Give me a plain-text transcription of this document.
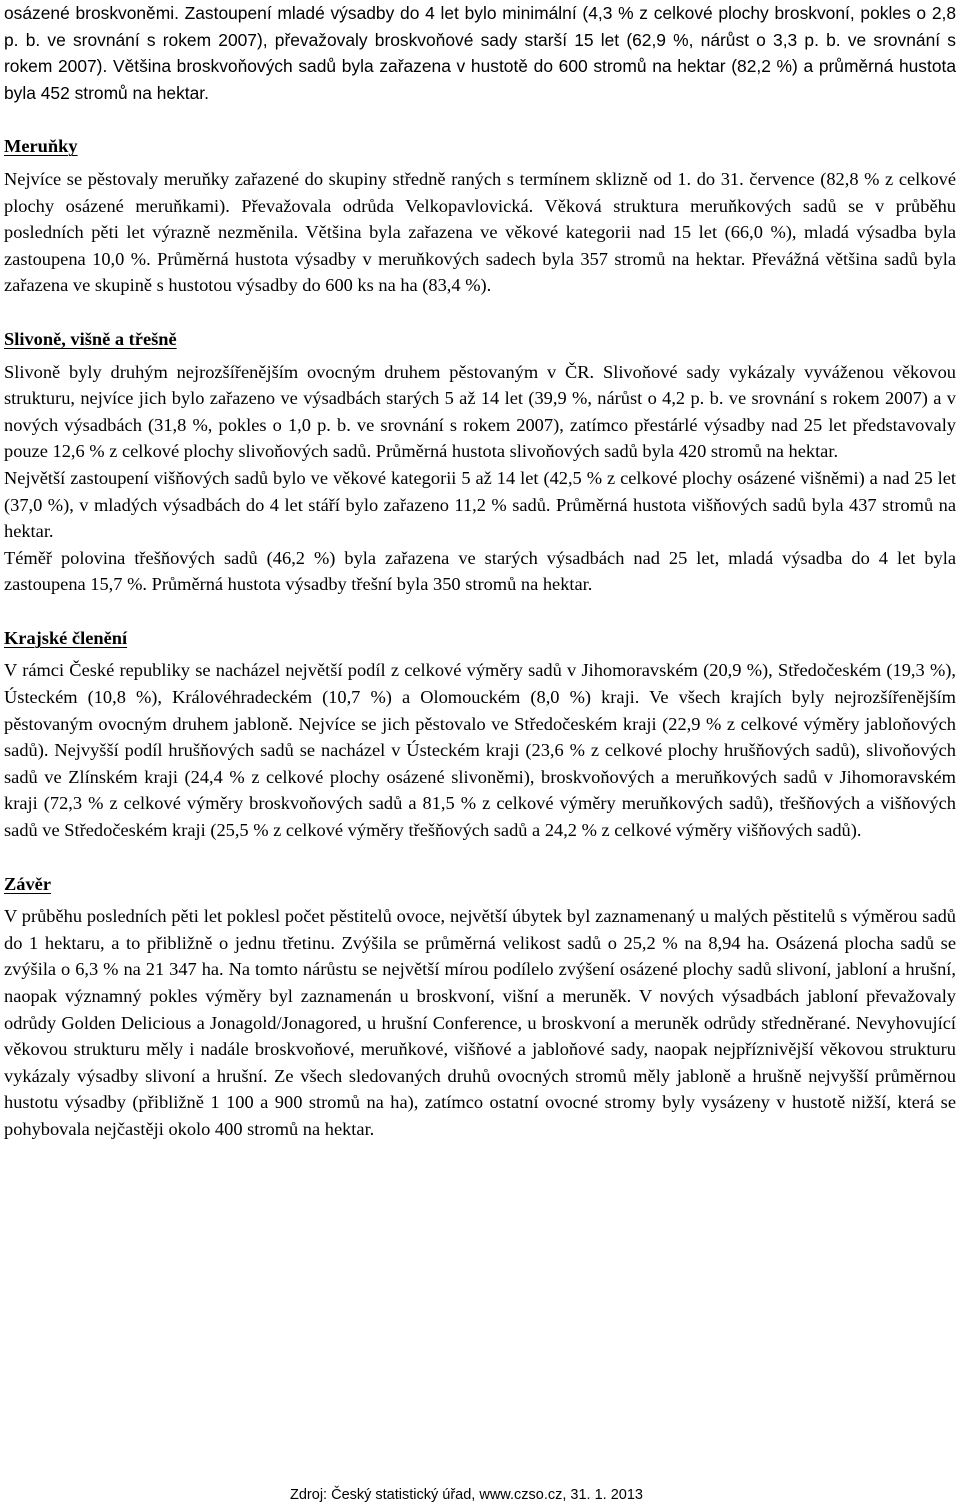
osázené broskvoněmi. Zastoupení mladé výsadby do 4 let bylo minimální (4,3 % z celkové plochy broskvoní, pokles o 2,8 p. b. ve srovnání s rokem 2007), převažovaly broskvoňové sady starší 15 let (62,9 %, nárůst o 3,3 p. b. ve srovnání s rokem 2007). Většina broskvoňových sadů byla zařazena v hustotě do 600 stromů na hektar (82,2 %) a průměrná hustota byla 452 stromů na hektar.

Meruňky

Nejvíce se pěstovaly meruňky zařazené do skupiny středně raných s termínem sklizně od 1. do 31. července (82,8 % z celkové plochy osázené meruňkami). Převažovala odrůda Velkopavlovická. Věková struktura meruňkových sadů se v průběhu posledních pěti let výrazně nezměnila. Většina byla zařazena ve věkové kategorii nad 15 let (66,0 %), mladá výsadba byla zastoupena 10,0 %. Průměrná hustota výsadby v meruňkových sadech byla 357 stromů na hektar. Převážná většina sadů byla zařazena ve skupině s hustotou výsadby do 600 ks na ha (83,4 %).

Slivoně, višně a třešně

Slivoně byly druhým nejrozšířenějším ovocným druhem pěstovaným v ČR. Slivoňové sady vykázaly vyváženou věkovou strukturu, nejvíce jich bylo zařazeno ve výsadbách starých 5 až 14 let (39,9 %, nárůst o 4,2 p. b. ve srovnání s rokem 2007) a v nových výsadbách (31,8 %, pokles o 1,0 p. b. ve srovnání s rokem 2007), zatímco přestárlé výsadby nad 25 let představovaly pouze 12,6 % z celkové plochy slivoňových sadů. Průměrná hustota slivoňových sadů byla 420 stromů na hektar.

Největší zastoupení višňových sadů bylo ve věkové kategorii 5 až 14 let (42,5 % z celkové plochy osázené višněmi) a nad 25 let (37,0 %), v mladých výsadbách do 4 let stáří bylo zařazeno 11,2 % sadů. Průměrná hustota višňových sadů byla 437 stromů na hektar.

Téměř polovina třešňových sadů (46,2 %) byla zařazena ve starých výsadbách nad 25 let, mladá výsadba do 4 let byla zastoupena 15,7 %. Průměrná hustota výsadby třešní byla 350 stromů na hektar.

Krajské členění

V rámci České republiky se nacházel největší podíl z celkové výměry sadů v Jihomoravském (20,9 %), Středočeském (19,3 %), Ústeckém (10,8 %), Královéhradeckém (10,7 %) a Olomouckém (8,0 %) kraji. Ve všech krajích byly nejrozšířenějším pěstovaným ovocným druhem jabloně. Nejvíce se jich pěstovalo ve Středočeském kraji (22,9 % z celkové výměry jabloňových sadů). Nejvyšší podíl hrušňových sadů se nacházel v Ústeckém kraji (23,6 % z celkové plochy hrušňových sadů), slivoňových sadů ve Zlínském kraji (24,4 % z celkové plochy osázené slivoněmi), broskvoňových a meruňkových sadů v Jihomoravském kraji (72,3 % z celkové výměry broskvoňových sadů a 81,5 % z celkové výměry meruňkových sadů), třešňových a višňových sadů ve Středočeském kraji (25,5 % z celkové výměry třešňových sadů a 24,2 % z celkové výměry višňových sadů).

Závěr

V průběhu posledních pěti let poklesl počet pěstitelů ovoce, největší úbytek byl zaznamenaný u malých pěstitelů s výměrou sadů do 1 hektaru, a to přibližně o jednu třetinu. Zvýšila se průměrná velikost sadů o 25,2 % na 8,94 ha. Osázená plocha sadů se zvýšila o 6,3 % na 21 347 ha. Na tomto nárůstu se největší mírou podílelo zvýšení osázené plochy sadů slivoní, jabloní a hrušní, naopak významný pokles výměry byl zaznamenán u broskvoní, višní a meruněk. V nových výsadbách jabloní převažovaly odrůdy Golden Delicious a Jonagold/Jonagored, u hrušní Conference, u broskvoní a meruněk odrůdy středněrané. Nevyhovující věkovou strukturu měly i nadále broskvoňové, meruňkové, višňové a jabloňové sady, naopak nejpříznivější věkovou strukturu vykázaly výsadby slivoní a hrušní. Ze všech sledovaných druhů ovocných stromů měly jabloně a hrušně nejvyšší průměrnou hustotu výsadby (přibližně 1 100 a 900 stromů na ha), zatímco ostatní ovocné stromy byly vysázeny v hustotě nižší, která se pohybovala nejčastěji okolo 400 stromů na hektar.

Zdroj: Český statistický úřad, www.czso.cz, 31. 1. 2013
